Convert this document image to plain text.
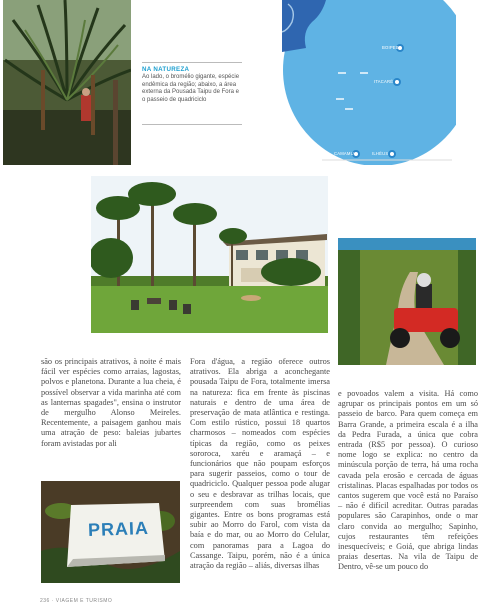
NA NATUREZA
Ao lado, o bromélio gigante, espécie endêmica da região; abaixo, a área externa da Pousada Taipu de Fora e o passeio de quadriciclo
BOIPEBA
ITACARÉ
CAMAMU	ILHÉUS
PRAIA

são os principais atrativos, à noite é mais fácil ver espécies como arraias, lagostas, polvos e planetona. Durante a lua cheia, é possível observar a vida marinha até com as lanternas spagades", ensina o instrutor de mergulho Alonso Meireles. Recentemente, a paisagem ganhou mais uma atração de peso: baleias jubartes foram avistadas por ali

Fora d'água, a região oferece outros atrativos. Ela abriga a aconchegante pousada Taipu de Fora, totalmente imersa na natureza: fica em frente às piscinas naturais e dentro de uma área de preservação de mata atlântica e restinga. Com estilo rústico, possui 18 quartos charmosos – nomeados com espécies típicas da região, como os peixes sororoca, xaréu e aramaçá – e funcionários que não poupam esforços para sugerir passeios, como o tour de quadriciclo. Qualquer pessoa pode alugar o seu e desbravar as trilhas locais, que surpreendem com suas bromélias gigantes. Entre os bons programas está subir ao Morro do Farol, com vista da baía e do mar, ou ao Morro do Celular, com panoramas para a Lagoa do Cassange. Taipu, porém, não é a única atração da região – aliás, diversas ilhas

e povoados valem a visita. Há como agrupar os principais pontos em um só passeio de barco. Para quem começa em Barra Grande, a primeira escala é a ilha da Pedra Furada, a única que cobra entrada (R$5 por pessoa). O curioso nome logo se explica: no centro da minúscula porção de terra, há uma rocha cavada pela erosão e cercada de águas cristalinas. Placas espalhadas por todos os cantos sugerem que você está no Paraíso – não é difícil acreditar. Outras paradas populares são Carapinhos, onde o mar claro convida ao mergulho; Sapinho, cujos restaurantes têm refeições inesquecíveis; e Goiá, que abriga lindas praias desertas. Na vila de Taipu de Dentro, vê-se um pouco do

236 · VIAGEM E TURISMO
